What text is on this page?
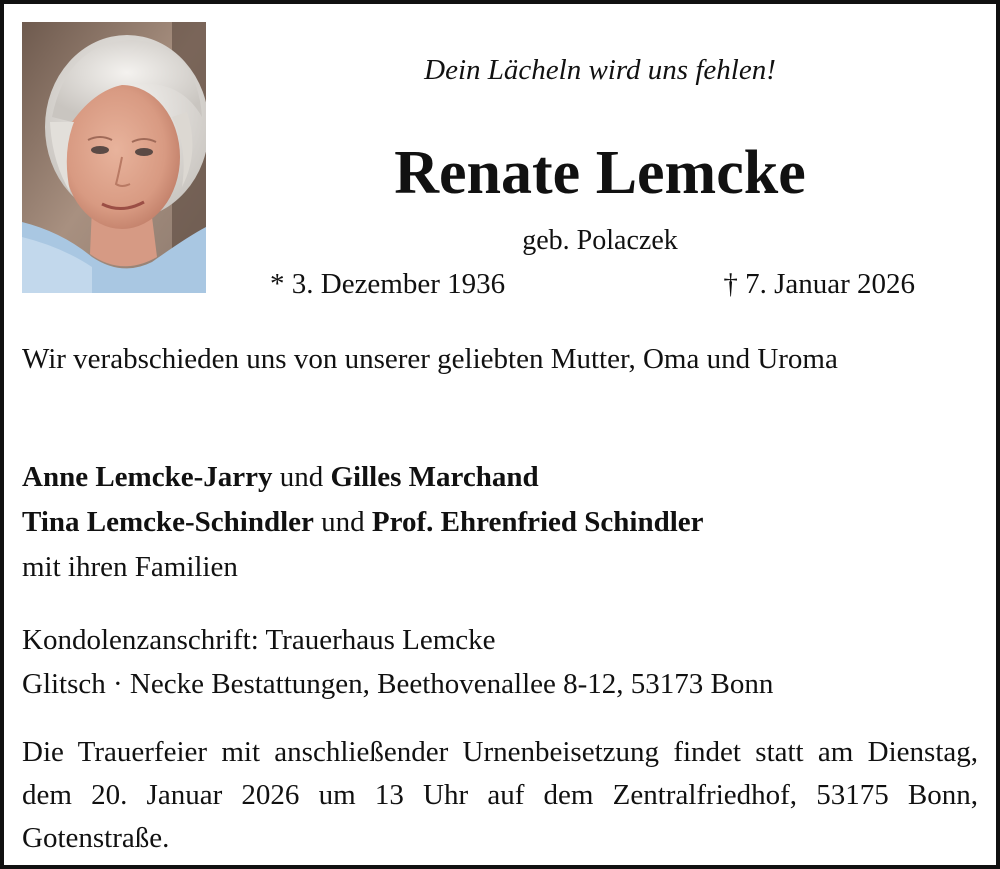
Dein Lächeln wird uns fehlen!
Renate Lemcke
geb. Polaczek
* 3. Dezember 1936	† 7. Januar 2026
Wir verabschieden uns von unserer geliebten Mutter, Oma und Uroma
Anne Lemcke-Jarry und Gilles Marchand
Tina Lemcke-Schindler und Prof. Ehrenfried Schindler
mit ihren Familien
Kondolenzanschrift: Trauerhaus Lemcke
Glitsch · Necke Bestattungen, Beethovenallee 8-12, 53173 Bonn
Die Trauerfeier mit anschließender Urnenbeisetzung findet statt am Dienstag, dem 20. Januar 2026 um 13 Uhr auf dem Zentralfriedhof, 53175 Bonn, Gotenstraße.
